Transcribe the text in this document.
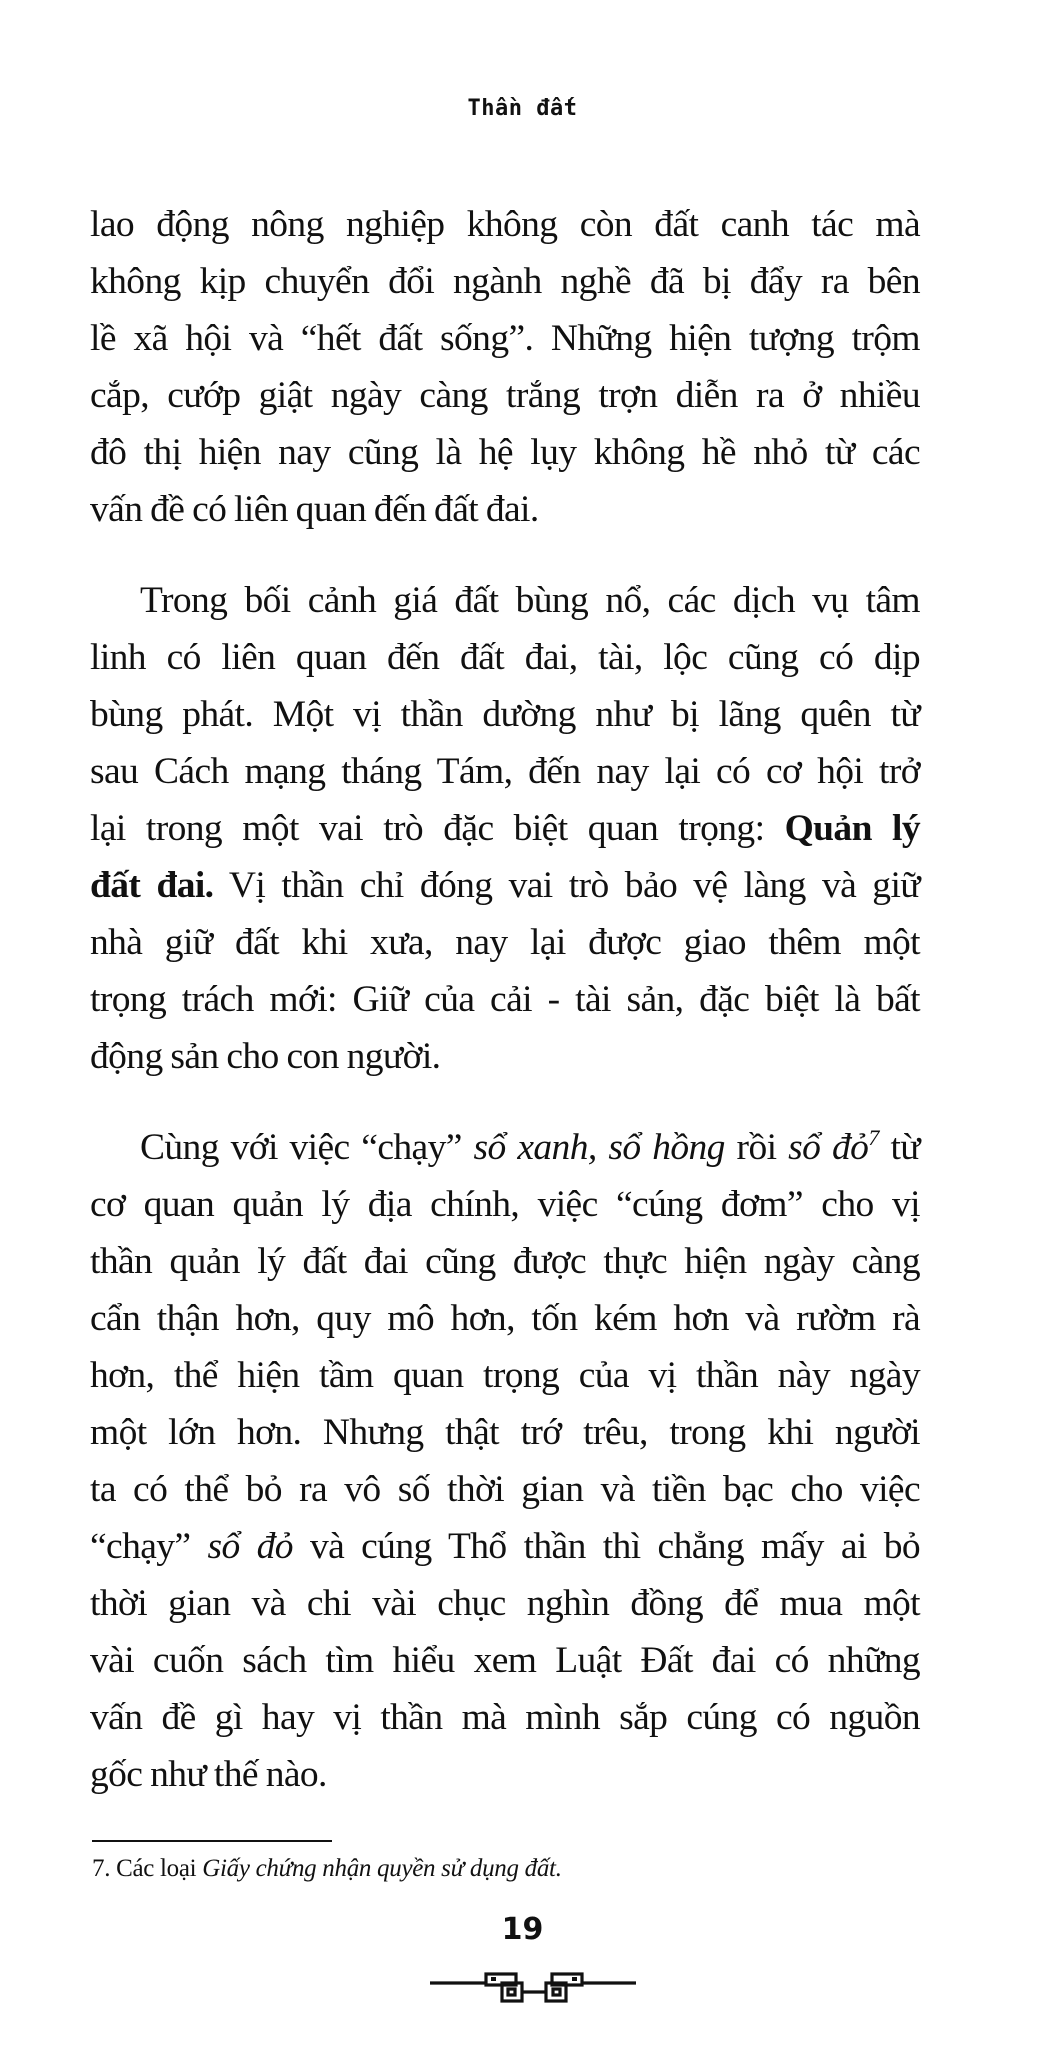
Thần đất
lao động nông nghiệp không còn đất canh tác mà
không kịp chuyển đổi ngành nghề đã bị đẩy ra bên
lề xã hội và “hết đất sống”. Những hiện tượng trộm
cắp, cướp giật ngày càng trắng trợn diễn ra ở nhiều
đô thị hiện nay cũng là hệ lụy không hề nhỏ từ các
vấn đề có liên quan đến đất đai.
Trong bối cảnh giá đất bùng nổ, các dịch vụ tâm
linh có liên quan đến đất đai, tài, lộc cũng có dịp
bùng phát. Một vị thần dường như bị lãng quên từ
sau Cách mạng tháng Tám, đến nay lại có cơ hội trở
lại trong một vai trò đặc biệt quan trọng: Quản lý
đất đai. Vị thần chỉ đóng vai trò bảo vệ làng và giữ
nhà giữ đất khi xưa, nay lại được giao thêm một
trọng trách mới: Giữ của cải - tài sản, đặc biệt là bất
động sản cho con người.
Cùng với việc “chạy” sổ xanh, sổ hồng rồi sổ đỏ$^7$ từ
cơ quan quản lý địa chính, việc “cúng đơm” cho vị
thần quản lý đất đai cũng được thực hiện ngày càng
cẩn thận hơn, quy mô hơn, tốn kém hơn và rườm rà
hơn, thể hiện tầm quan trọng của vị thần này ngày
một lớn hơn. Nhưng thật trớ trêu, trong khi người
ta có thể bỏ ra vô số thời gian và tiền bạc cho việc
“chạy” sổ đỏ và cúng Thổ thần thì chẳng mấy ai bỏ
thời gian và chi vài chục nghìn đồng để mua một
vài cuốn sách tìm hiểu xem Luật Đất đai có những
vấn đề gì hay vị thần mà mình sắp cúng có nguồn
gốc như thế nào.
7. Các loại Giấy chứng nhận quyền sử dụng đất.
19
